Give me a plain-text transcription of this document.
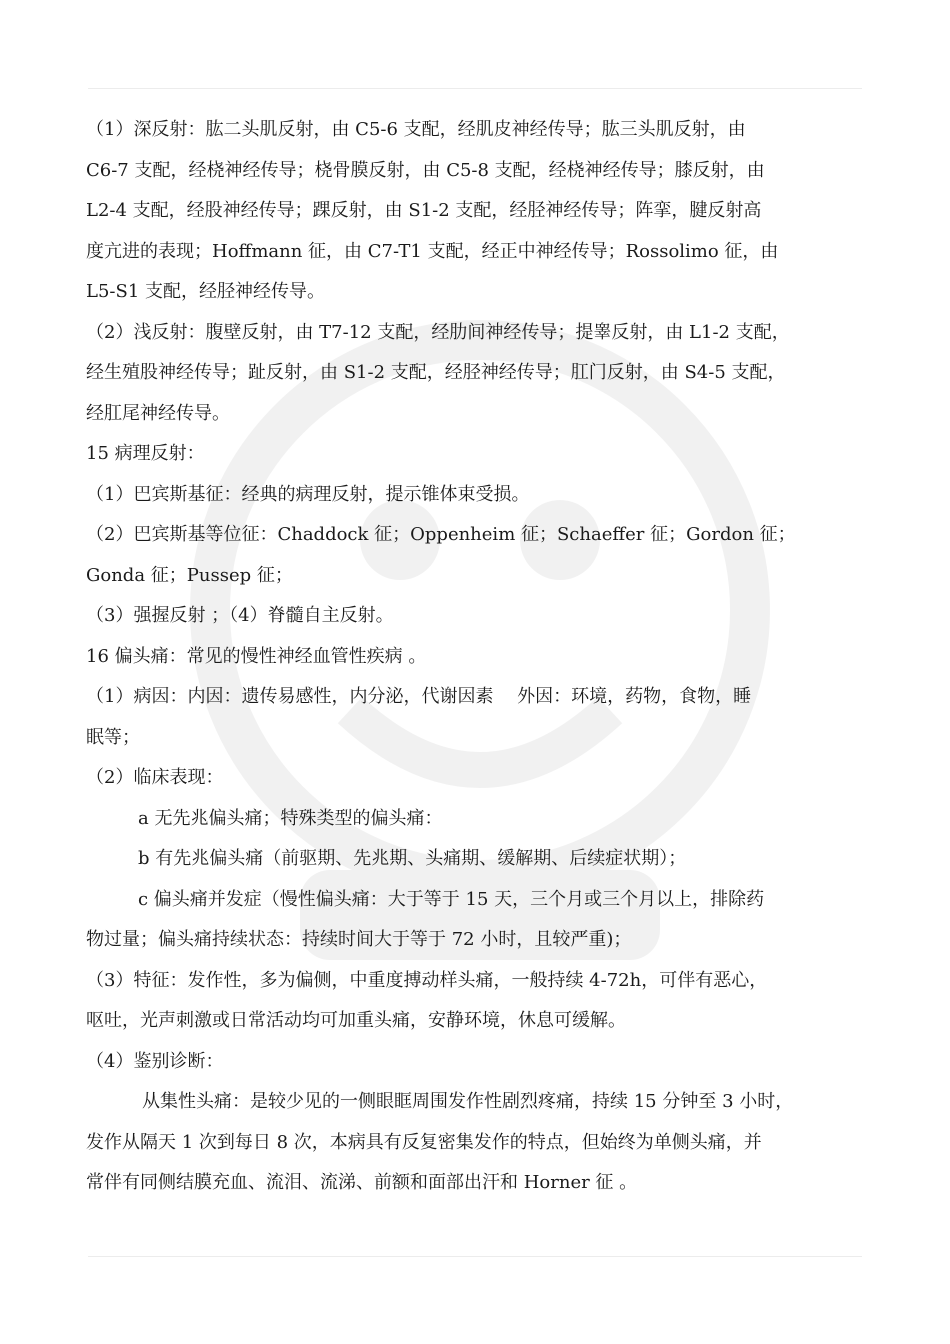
（1）深反射：肱二头肌反射，由 C5-6 支配，经肌皮神经传导；肱三头肌反射，由
C6-7 支配，经桡神经传导；桡骨膜反射，由 C5-8 支配，经桡神经传导；膝反射，由
L2-4 支配，经股神经传导；踝反射，由 S1-2 支配，经胫神经传导；阵挛，腱反射高
度亢进的表现；Hoffmann 征，由 C7-T1 支配，经正中神经传导；Rossolimo 征，由
L5-S1 支配，经胫神经传导。
（2）浅反射：腹壁反射，由 T7-12 支配，经肋间神经传导；提睾反射，由 L1-2 支配，
经生殖股神经传导；趾反射，由 S1-2 支配，经胫神经传导；肛门反射，由 S4-5 支配，
经肛尾神经传导。
15 病理反射：
（1）巴宾斯基征：经典的病理反射，提示锥体束受损。
（2）巴宾斯基等位征：Chaddock 征；Oppenheim 征；Schaeffer 征；Gordon 征；
Gonda 征；Pussep 征；
（3）强握反射 ；（4）脊髓自主反射。
16 偏头痛：常见的慢性神经血管性疾病 。
（1）病因：内因：遗传易感性，内分泌，代谢因素　 外因：环境，药物，食物，睡
眠等；
（2）临床表现：
a 无先兆偏头痛；特殊类型的偏头痛：
b 有先兆偏头痛（前驱期、先兆期、头痛期、缓解期、后续症状期）；
c 偏头痛并发症（慢性偏头痛：大于等于 15 天，三个月或三个月以上，排除药
物过量；偏头痛持续状态：持续时间大于等于 72 小时，且较严重)；
（3）特征：发作性，多为偏侧，中重度搏动样头痛，一般持续 4-72h，可伴有恶心，
呕吐，光声刺激或日常活动均可加重头痛，安静环境，休息可缓解。
（4）鉴别诊断：
从集性头痛：是较少见的一侧眼眶周围发作性剧烈疼痛，持续 15 分钟至 3 小时，
发作从隔天 1 次到每日 8 次，本病具有反复密集发作的特点，但始终为单侧头痛，并
常伴有同侧结膜充血、流泪、流涕、前额和面部出汗和 Horner 征 。
